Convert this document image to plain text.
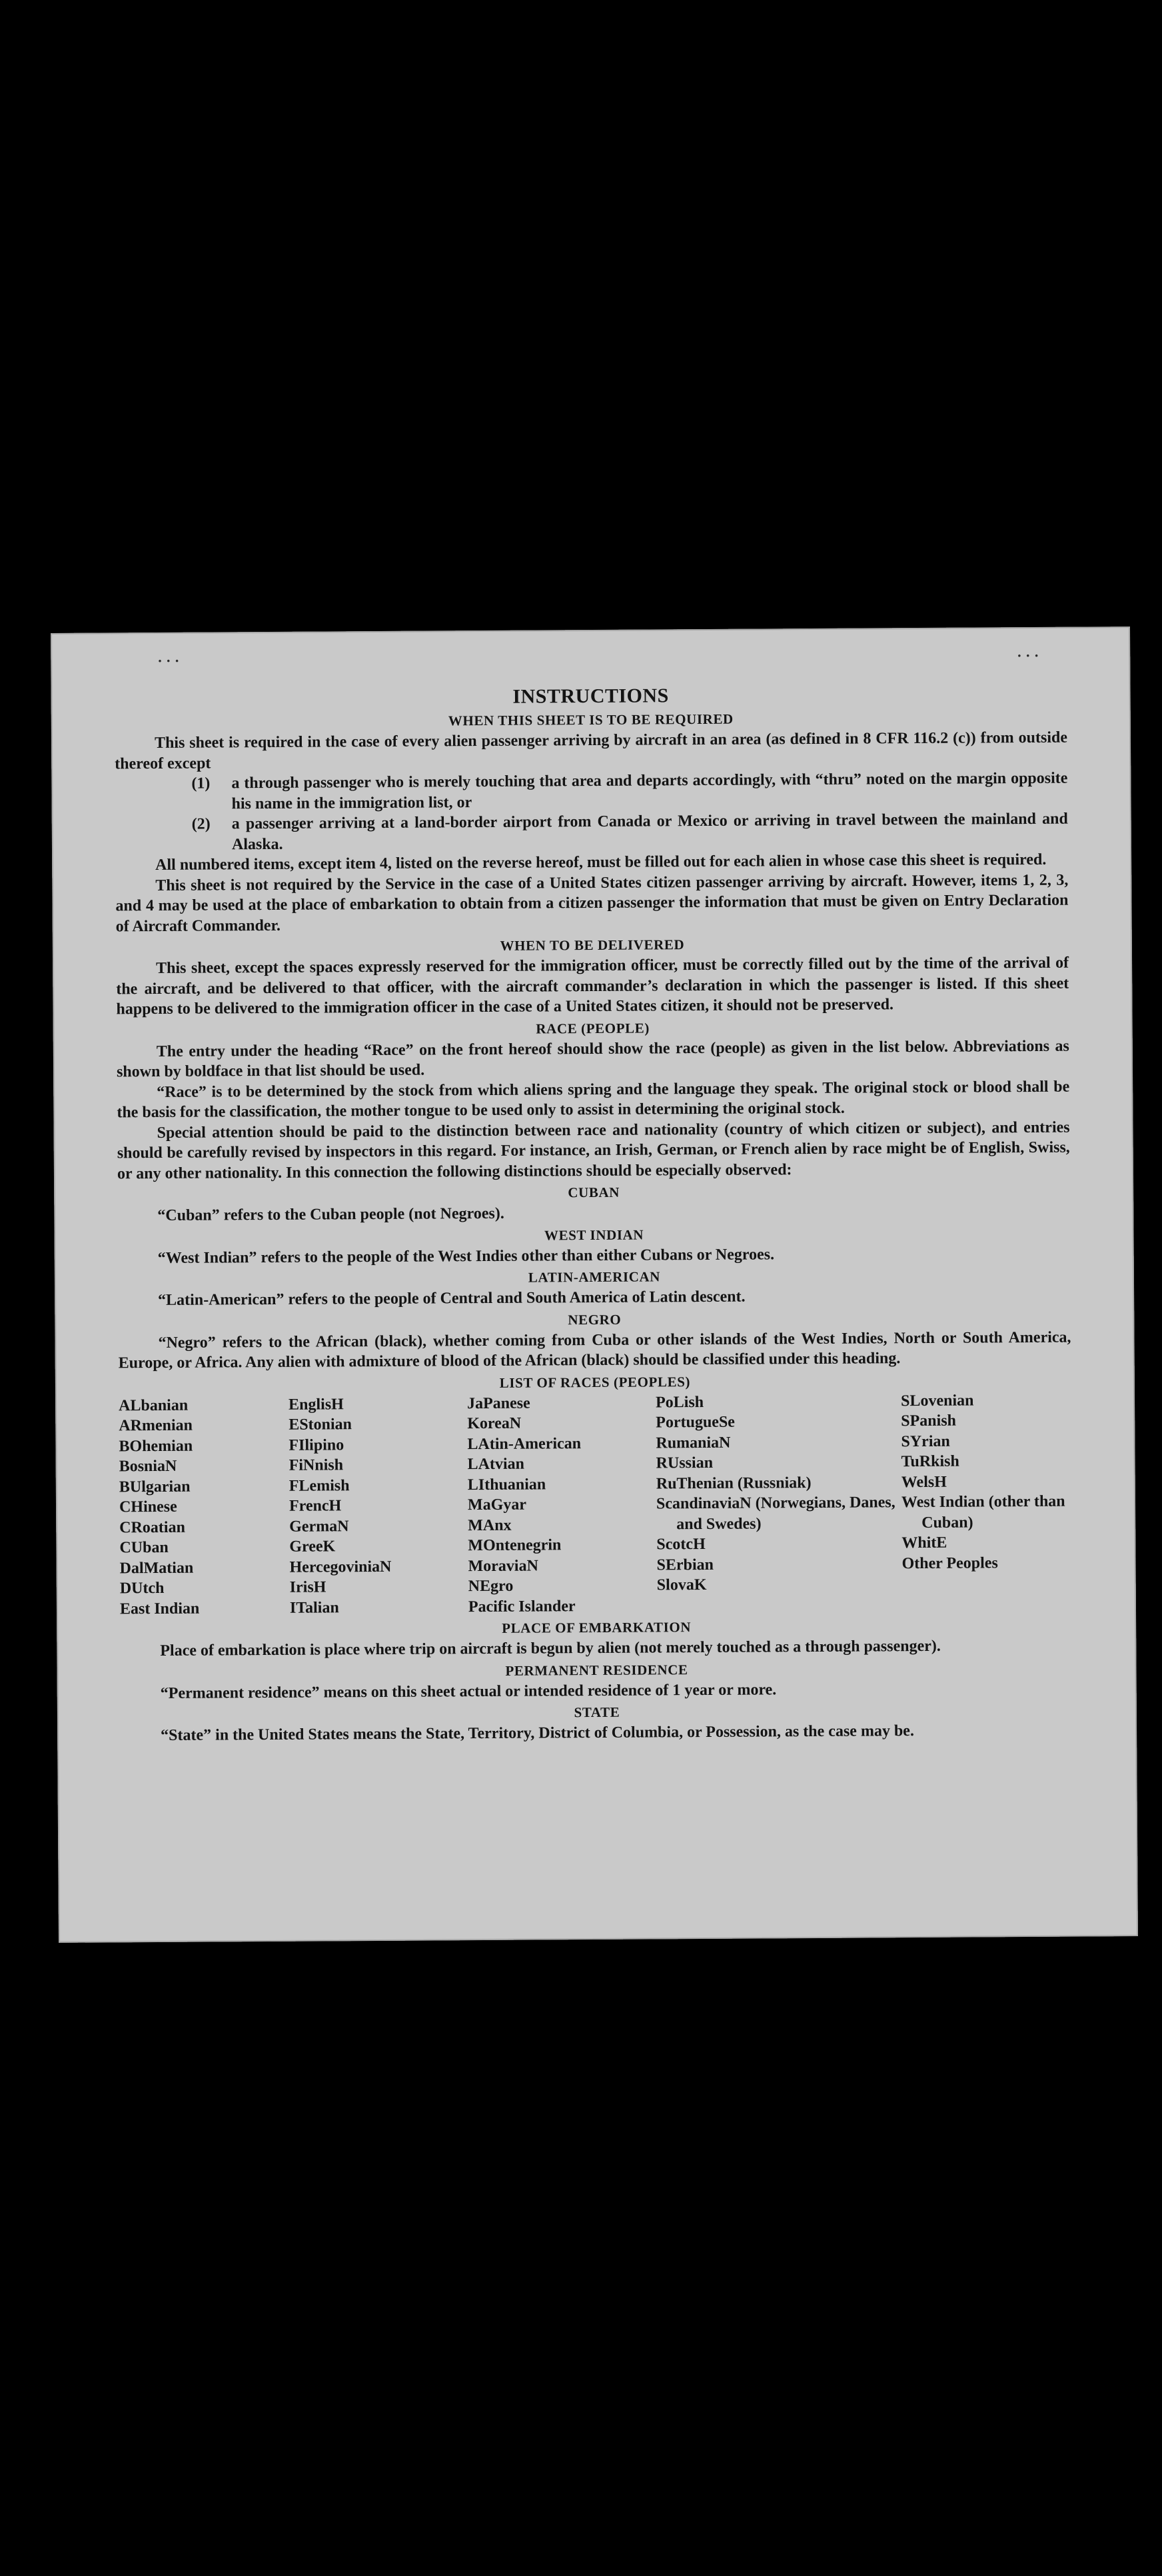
· · ·	· · ·
INSTRUCTIONS
WHEN THIS SHEET IS TO BE REQUIRED

This sheet is required in the case of every alien passenger arriving by aircraft in an area (as defined in 8 CFR 116.2 (c)) from outside thereof except

(1) a through passenger who is merely touching that area and departs accordingly, with “thru” noted on the margin opposite his name in the immigration list, or
(2) a passenger arriving at a land-border airport from Canada or Mexico or arriving in travel between the mainland and Alaska.

All numbered items, except item 4, listed on the reverse hereof, must be filled out for each alien in whose case this sheet is required.

This sheet is not required by the Service in the case of a United States citizen passenger arriving by aircraft. However, items 1, 2, 3, and 4 may be used at the place of embarkation to obtain from a citizen passenger the information that must be given on Entry Declaration of Aircraft Commander.

WHEN TO BE DELIVERED

This sheet, except the spaces expressly reserved for the immigration officer, must be correctly filled out by the time of the arrival of the aircraft, and be delivered to that officer, with the aircraft commander’s declaration in which the passenger is listed. If this sheet happens to be delivered to the immigration officer in the case of a United States citizen, it should not be preserved.

RACE (PEOPLE)

The entry under the heading “Race” on the front hereof should show the race (people) as given in the list below. Abbreviations as shown by boldface in that list should be used.

“Race” is to be determined by the stock from which aliens spring and the language they speak. The original stock or blood shall be the basis for the classification, the mother tongue to be used only to assist in determining the original stock.

Special attention should be paid to the distinction between race and nationality (country of which citizen or subject), and entries should be carefully revised by inspectors in this regard. For instance, an Irish, German, or French alien by race might be of English, Swiss, or any other nationality. In this connection the following distinctions should be especially observed:

CUBAN

“Cuban” refers to the Cuban people (not Negroes).

WEST INDIAN

“West Indian” refers to the people of the West Indies other than either Cubans or Negroes.

LATIN-AMERICAN

“Latin-American” refers to the people of Central and South America of Latin descent.

NEGRO

“Negro” refers to the African (black), whether coming from Cuba or other islands of the West Indies, North or South America, Europe, or Africa. Any alien with admixture of blood of the African (black) should be classified under this heading.

LIST OF RACES (PEOPLES)
ALbanian
ARmenian
BOhemian
BosniaN
BUlgarian
CHinese
CRoatian
CUban
DalMatian
DUtch
East Indian
EnglisH
EStonian
FIlipino
FiNnish
FLemish
FrencH
GermaN
GreeK
HercegoviniaN
IrisH
ITalian
JaPanese
KoreaN
LAtin-American
LAtvian
LIthuanian
MaGyar
MAnx
MOntenegrin
MoraviaN
NEgro
Pacific Islander
PoLish
PortugueSe
RumaniaN
RUssian
RuThenian (Russniak)
ScandinaviaN (Norwegians, Danes, and Swedes)
ScotcH
SErbian
SlovaK
SLovenian
SPanish
SYrian
TuRkish
WelsH
West Indian (other than Cuban)
WhitE
Other Peoples
PLACE OF EMBARKATION

Place of embarkation is place where trip on aircraft is begun by alien (not merely touched as a through passenger).

PERMANENT RESIDENCE

“Permanent residence” means on this sheet actual or intended residence of 1 year or more.

STATE

“State” in the United States means the State, Territory, District of Columbia, or Possession, as the case may be.
